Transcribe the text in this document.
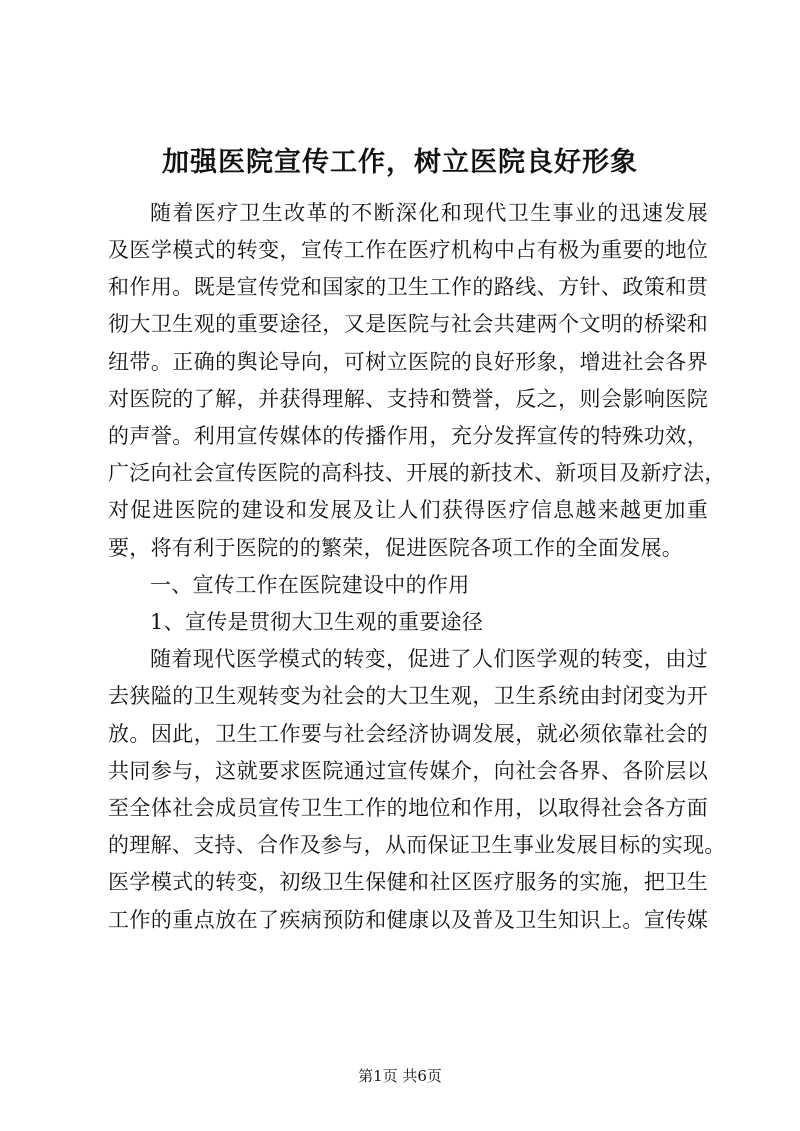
加强医院宣传工作，树立医院良好形象
随着医疗卫生改革的不断深化和现代卫生事业的迅速发展
及医学模式的转变，宣传工作在医疗机构中占有极为重要的地位
和作用。既是宣传党和国家的卫生工作的路线、方针、政策和贯
彻大卫生观的重要途径，又是医院与社会共建两个文明的桥梁和
纽带。正确的舆论导向，可树立医院的良好形象，增进社会各界
对医院的了解，并获得理解、支持和赞誉，反之，则会影响医院
的声誉。利用宣传媒体的传播作用，充分发挥宣传的特殊功效，
广泛向社会宣传医院的高科技、开展的新技术、新项目及新疗法，
对促进医院的建设和发展及让人们获得医疗信息越来越更加重
要，将有利于医院的的繁荣，促进医院各项工作的全面发展。
一、宣传工作在医院建设中的作用
1、宣传是贯彻大卫生观的重要途径
随着现代医学模式的转变，促进了人们医学观的转变，由过
去狭隘的卫生观转变为社会的大卫生观，卫生系统由封闭变为开
放。因此，卫生工作要与社会经济协调发展，就必须依靠社会的
共同参与，这就要求医院通过宣传媒介，向社会各界、各阶层以
至全体社会成员宣传卫生工作的地位和作用，以取得社会各方面
的理解、支持、合作及参与，从而保证卫生事业发展目标的实现。
医学模式的转变，初级卫生保健和社区医疗服务的实施，把卫生
工作的重点放在了疾病预防和健康以及普及卫生知识上。宣传媒
第1页 共6页
